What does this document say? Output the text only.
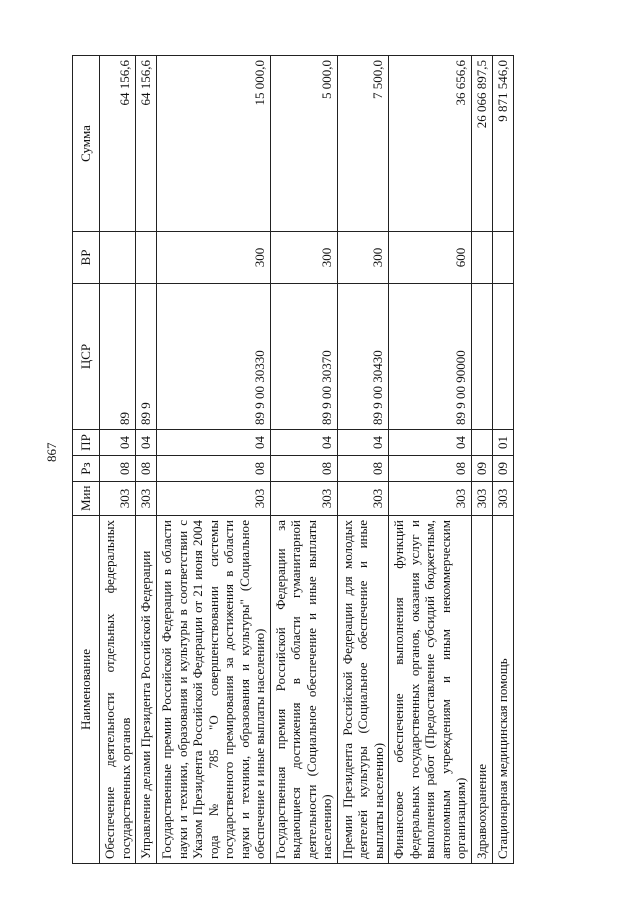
867
Наименование	Мин	Рз	ПР	ЦСР	ВР	Сумма
Обеспечение деятельности отдельных федеральных государственных органов	303	08	04	89		64 156,6
Управление делами Президента Российской Федерации	303	08	04	89 9		64 156,6
Государственные премии Российской Федерации в области науки и техники, образования и культуры в соответствии с Указом Президента Российской Федерации от 21 июня 2004 года № 785 "О совершенствовании системы государственного премирования за достижения в области науки и техники, образования и культуры" (Социальное обеспечение и иные выплаты населению)	303	08	04	89 9 00 30330	300	15 000,0
Государственная премия Российской Федерации за выдающиеся достижения в области гуманитарной деятельности (Социальное обеспечение и иные выплаты населению)	303	08	04	89 9 00 30370	300	5 000,0
Премии Президента Российской Федерации для молодых деятелей культуры (Социальное обеспечение и иные выплаты населению)	303	08	04	89 9 00 30430	300	7 500,0
Финансовое обеспечение выполнения функций федеральных государственных органов, оказания услуг и выполнения работ (Предоставление субсидий бюджетным, автономным учреждениям и иным некоммерческим организациям)	303	08	04	89 9 00 90000	600	36 656,6
Здравоохранение	303	09				26 066 897,5
Стационарная медицинская помощь	303	09	01			9 871 546,0
